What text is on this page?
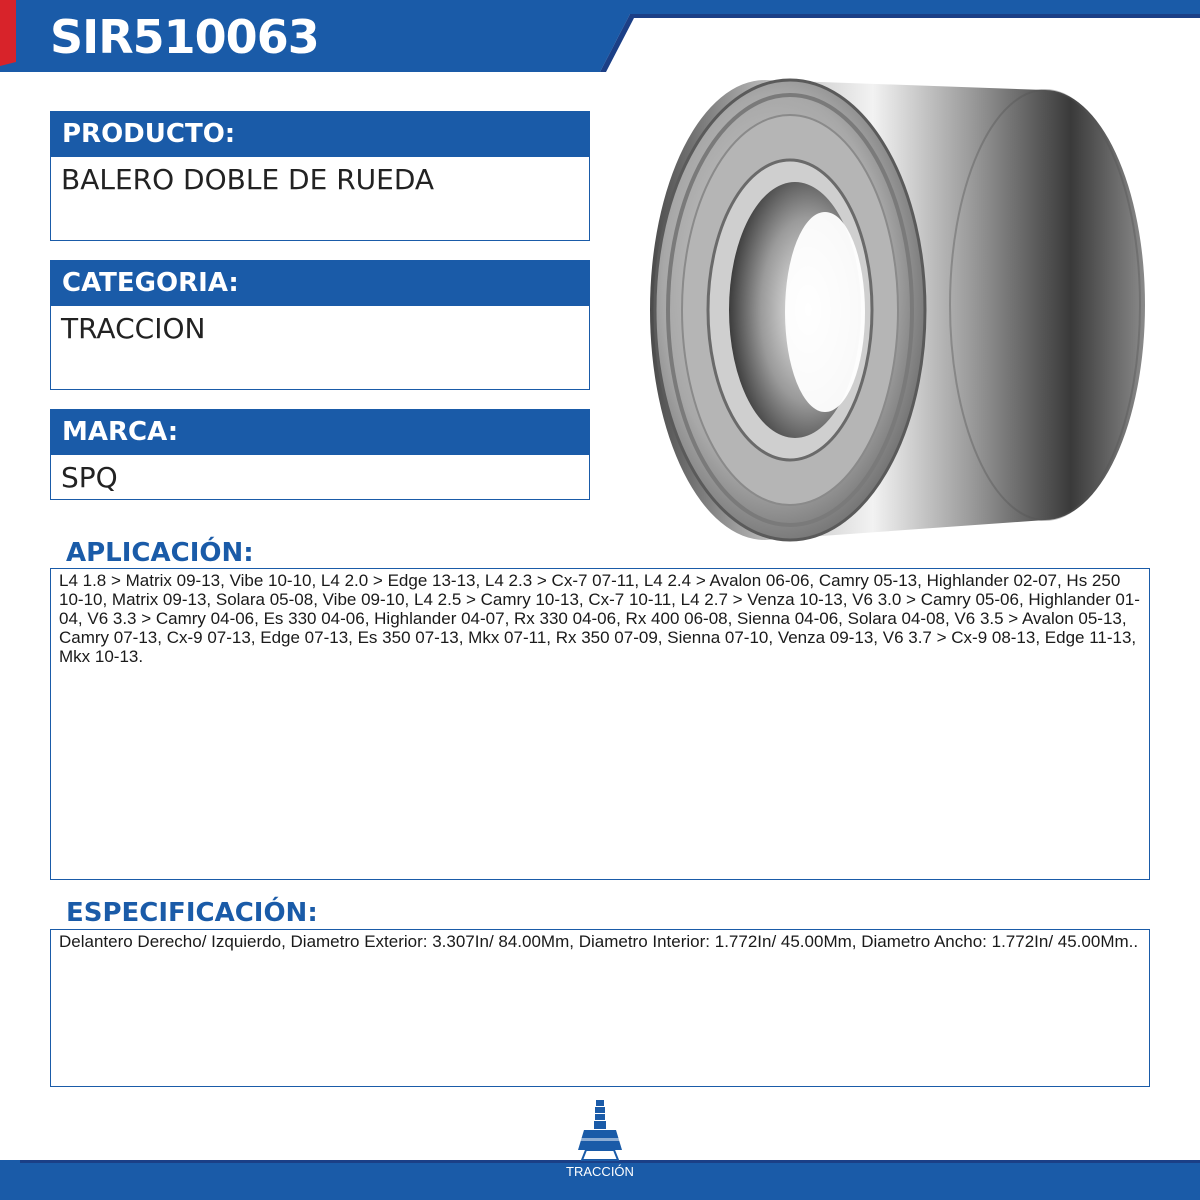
SIR510063
PRODUCTO:
BALERO DOBLE DE RUEDA
CATEGORIA:
TRACCION
MARCA:
SPQ
APLICACIÓN:
L4 1.8 > Matrix 09-13, Vibe 10-10, L4 2.0 > Edge 13-13, L4 2.3 > Cx-7 07-11, L4 2.4 > Avalon 06-06, Camry 05-13, Highlander 02-07, Hs 250 10-10, Matrix 09-13, Solara 05-08, Vibe 09-10, L4 2.5 > Camry 10-13, Cx-7 10-11, L4 2.7 > Venza 10-13, V6 3.0 > Camry 05-06, Highlander 01-04, V6 3.3 > Camry 04-06, Es 330 04-06, Highlander 04-07, Rx 330 04-06, Rx 400 06-08, Sienna 04-06, Solara 04-08, V6 3.5 > Avalon 05-13, Camry 07-13, Cx-9 07-13, Edge 07-13, Es 350 07-13, Mkx 07-11, Rx 350 07-09, Sienna 07-10, Venza 09-13, V6 3.7 > Cx-9 08-13, Edge 11-13, Mkx 10-13.
ESPECIFICACIÓN:
Delantero Derecho/ Izquierdo, Diametro Exterior: 3.307In/ 84.00Mm, Diametro Interior: 1.772In/ 45.00Mm, Diametro Ancho: 1.772In/ 45.00Mm..
TRACCIÓN
